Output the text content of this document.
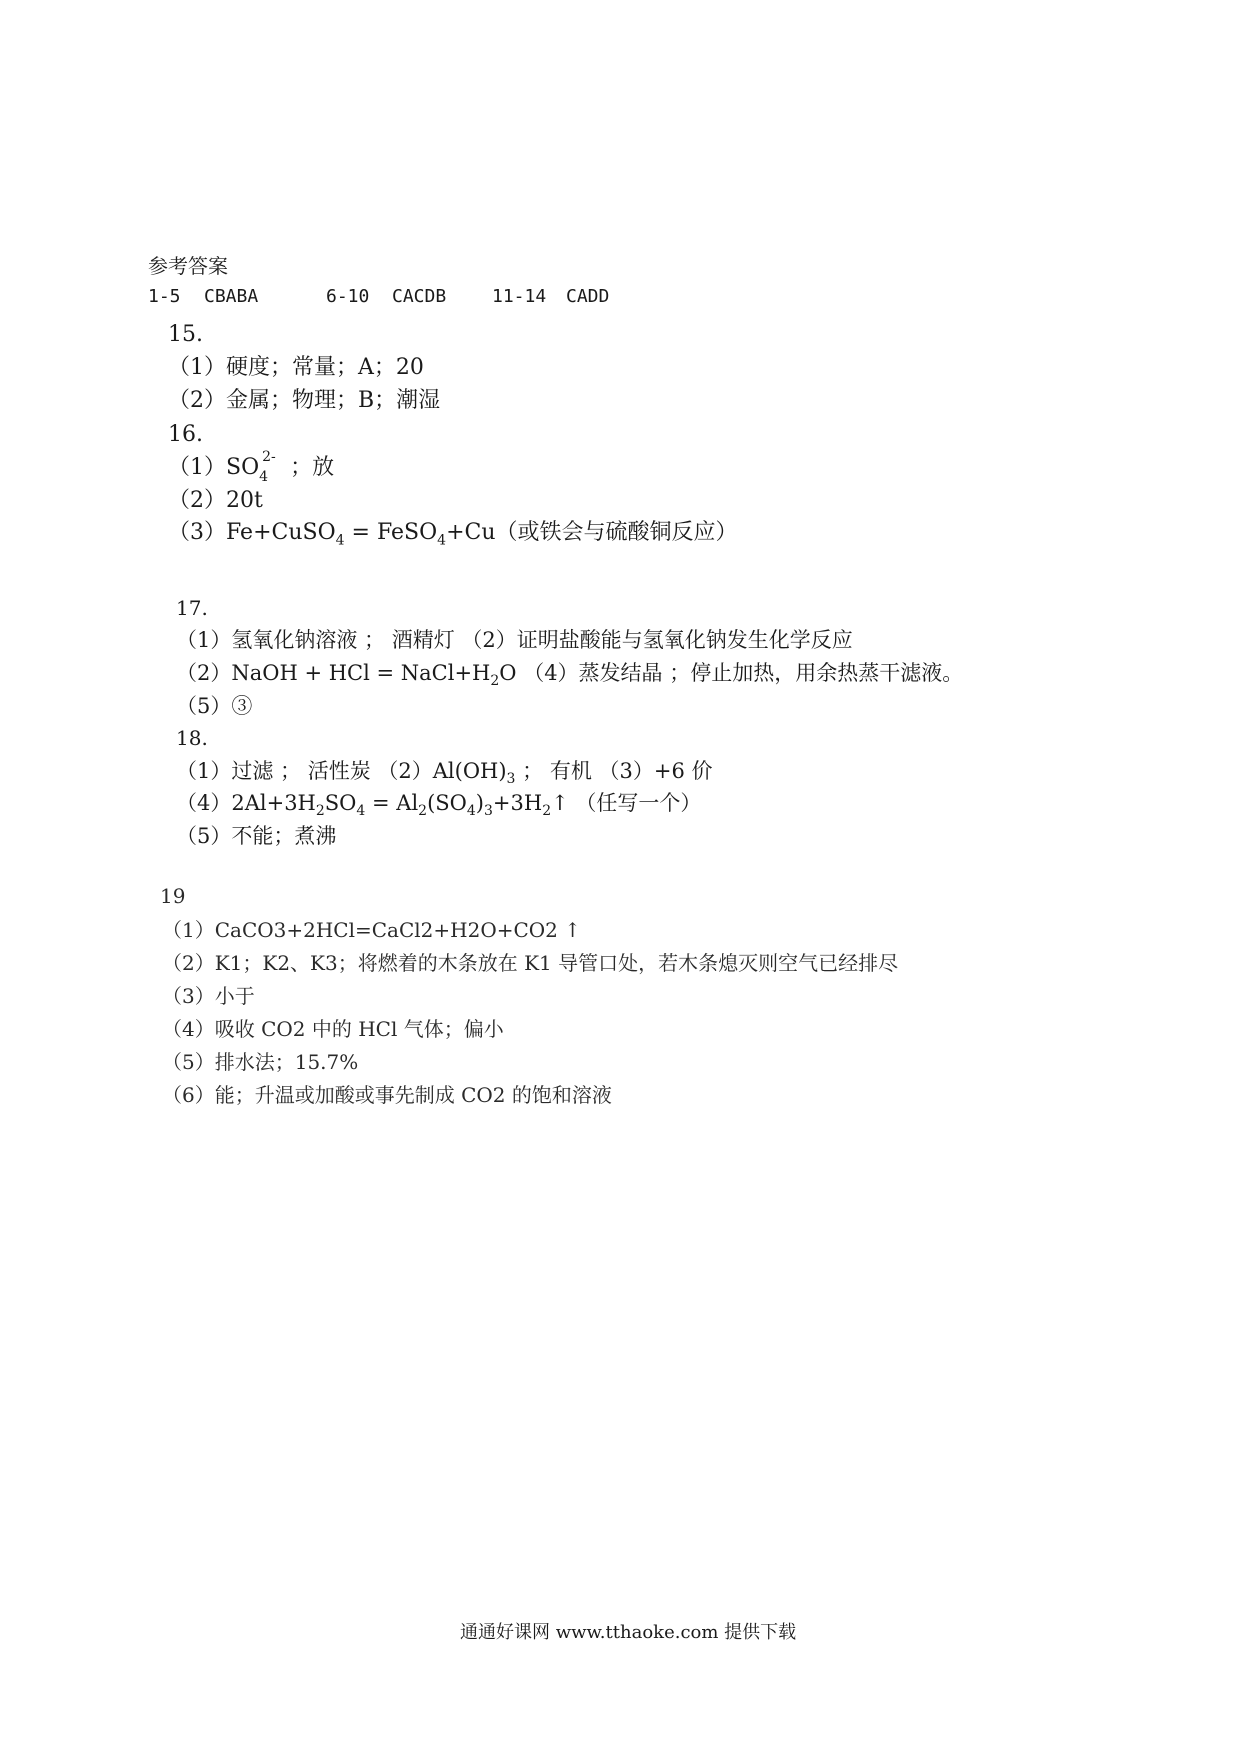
参考答案
1-5 CBABA	6-10 CACDB	11-14 CADD
15.
（1）硬度；常量；A；20
（2）金属；物理；B；潮湿
16.
（1）SO 4
2- ；放
（2）20t
（3）Fe+CuSO$_4$ = FeSO$_4$+Cu（或铁会与硫酸铜反应）
17.
（1）氢氧化钠溶液 ； 酒精灯 （2）证明盐酸能与氢氧化钠发生化学反应
（2）NaOH + HCl = $NaCl+H_2O$ （4）蒸发结晶 ；停止加热，用余热蒸干滤液。
（5）③
18.
（1）过滤 ； 活性炭 $(2)Al(OH)_3$ ； 有机 （3）+6 价
$(4)2Al+3H_2SO_4$ = $Al_2(SO_4)_3+3H_2↑$ （任写一个）
（5）不能；煮沸
19
（1）CaCO3+2HCl=CaCl2+H2O+CO2 ↑
（2）K1；K2、K3；将燃着的木条放在 K1 导管口处，若木条熄灭则空气已经排尽
（3）小于
（4）吸收 CO2 中的 HCl 气体；偏小
（5）排水法；15.7%
（6）能；升温或加酸或事先制成 CO2 的饱和溶液
通通好课网 www.tthaoke.com 提供下载
